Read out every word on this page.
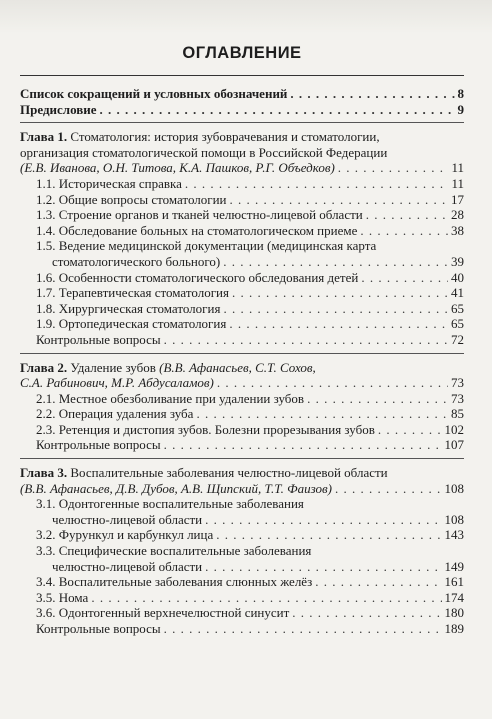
ОГЛАВЛЕНИЕ
Список сокращений и условных обозначений . . .	8
Предисловие . . .	9
Глава 1. Стоматология: история зубоврачевания и стоматологии,
организация стоматологической помощи в Российской Федерации
(Е.В. Иванова, О.Н. Титова, К.А. Пашков, Р.Г. Объедков) . . .	11
1.1. Историческая справка . . .	11
1.2. Общие вопросы стоматологии . . .	17
1.3. Строение органов и тканей челюстно-лицевой области . . .	28
1.4. Обследование больных на стоматологическом приеме . . .	38
1.5. Ведение медицинской документации (медицинская карта
стоматологического больного) . . .	39
1.6. Особенности стоматологического обследования детей . . .	40
1.7. Терапевтическая стоматология . . .	41
1.8. Хирургическая стоматология . . .	65
1.9. Ортопедическая стоматология . . .	65
Контрольные вопросы . . .	72
Глава 2. Удаление зубов (В.В. Афанасьев, С.Т. Сохов,
С.А. Рабинович, М.Р. Абдусаламов) . . .	73
2.1. Местное обезболивание при удалении зубов . . .	73
2.2. Операция удаления зуба . . .	85
2.3. Ретенция и дистопия зубов. Болезни прорезывания зубов . . .	102
Контрольные вопросы . . .	107
Глава 3. Воспалительные заболевания челюстно-лицевой области
(В.В. Афанасьев, Д.В. Дубов, А.В. Щипский, Т.Т. Фаизов) . . .	108
3.1. Одонтогенные воспалительные заболевания
челюстно-лицевой области . . .	108
3.2. Фурункул и карбункул лица . . .	143
3.3. Специфические воспалительные заболевания
челюстно-лицевой области . . .	149
3.4. Воспалительные заболевания слюнных желёз . . .	161
3.5. Нома . . .	174
3.6. Одонтогенный верхнечелюстной синусит . . .	180
Контрольные вопросы . . .	189
